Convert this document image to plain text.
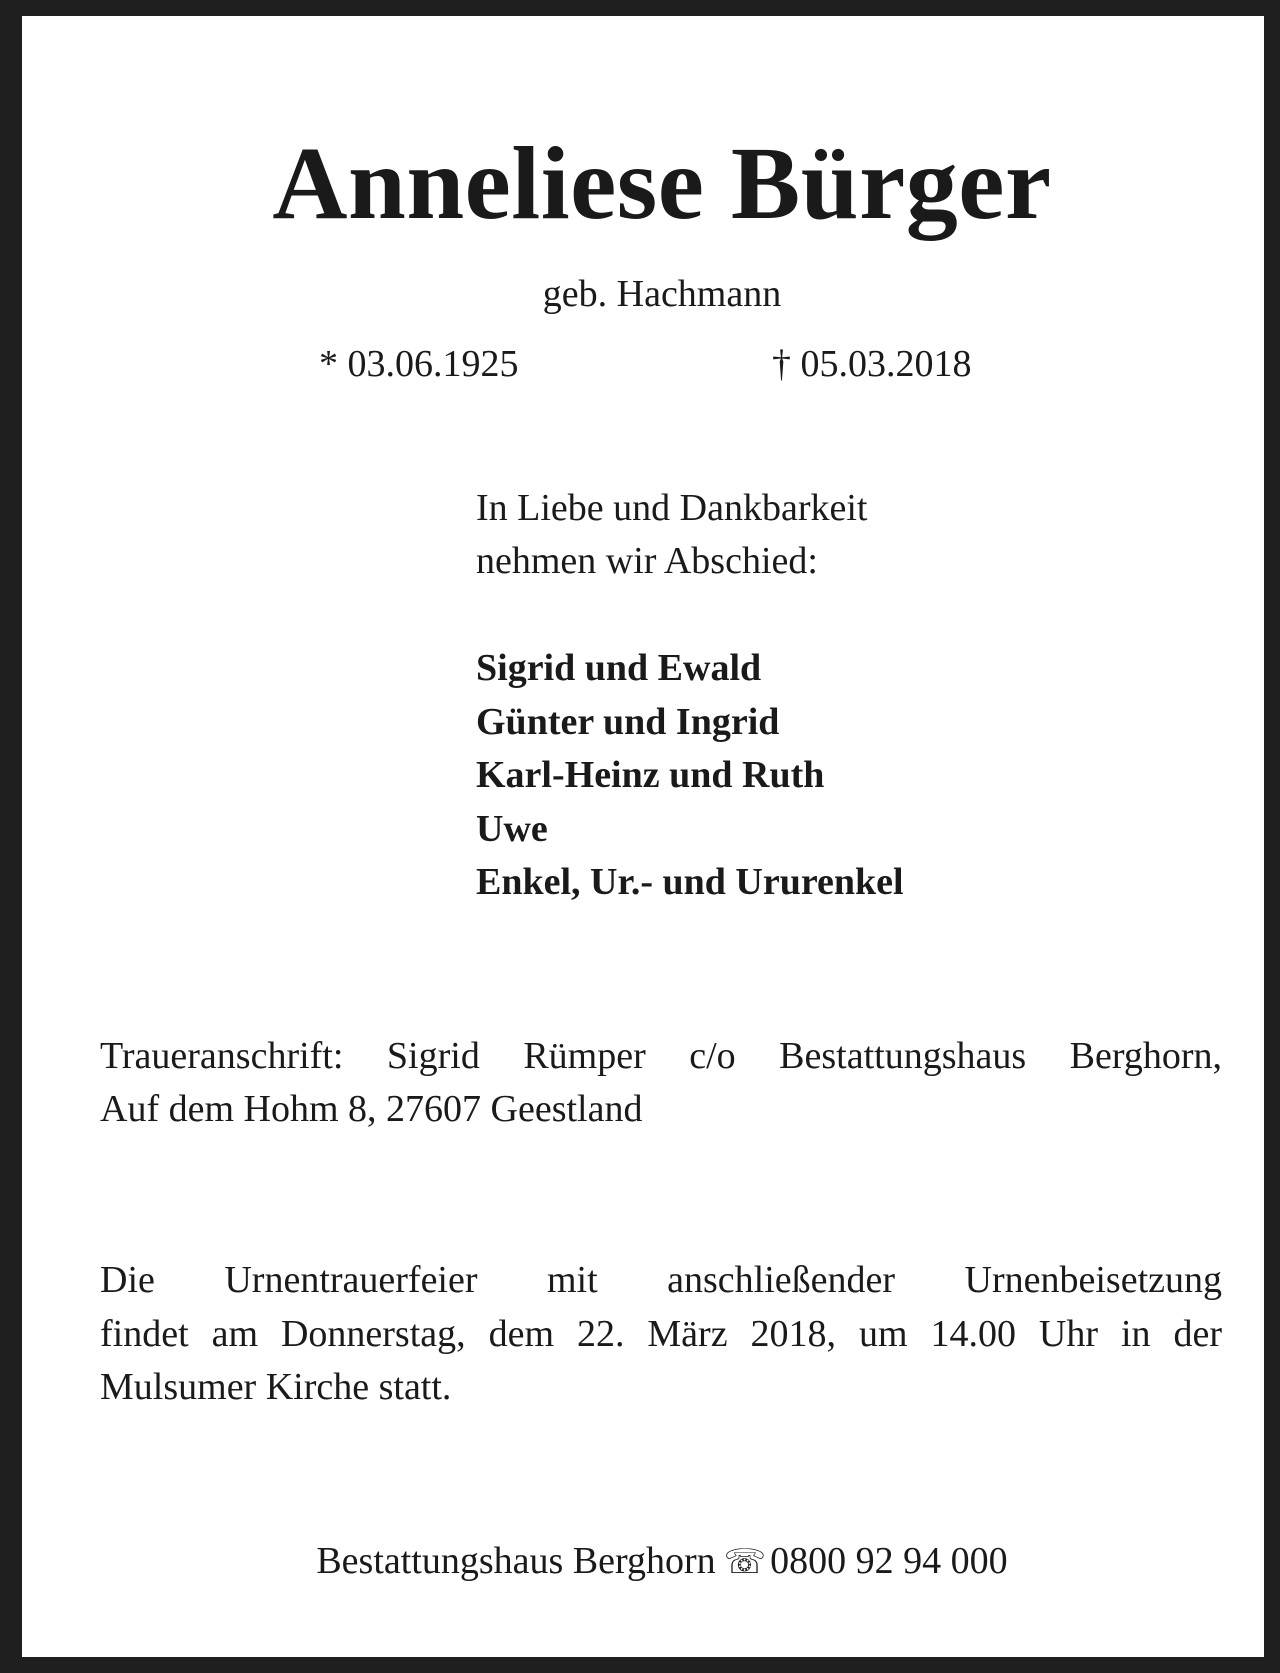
Anneliese Bürger
geb. Hachmann
* 03.06.1925	† 05.03.2018
In Liebe und Dankbarkeit
nehmen wir Abschied:
Sigrid und Ewald
Günter und Ingrid
Karl-Heinz und Ruth
Uwe
Enkel, Ur.- und Ururenkel
Traueranschrift: Sigrid Rümper c/o Bestattungshaus Berghorn,
Auf dem Hohm 8, 27607 Geestland
Die Urnentrauerfeier mit anschließender Urnenbeisetzung
findet am Donnerstag, dem 22. März 2018, um 14.00 Uhr in der
Mulsumer Kirche statt.
Bestattungshaus Berghorn ☏ 0800 92 94 000
